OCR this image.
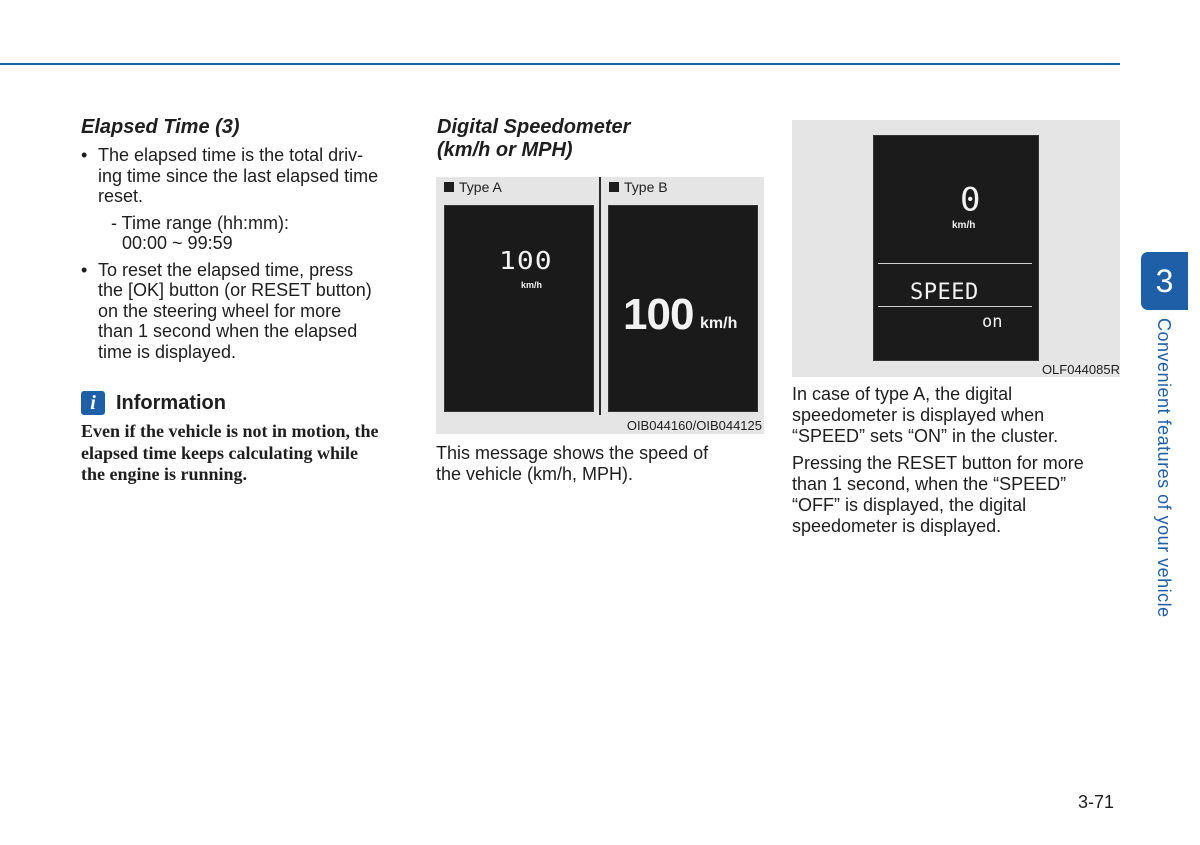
Elapsed Time (3)
• The elapsed time is the total driv-
ing time since the last elapsed time
reset.
- Time range (hh:mm):
00:00 ~ 99:59
• To reset the elapsed time, press
the [OK] button (or RESET button)
on the steering wheel for more
than 1 second when the elapsed
time is displayed.
i	Information
Even if the vehicle is not in motion, the
elapsed time keeps calculating while
the engine is running.
Digital Speedometer
(km/h or MPH)
Type A	Type B
100
km/h
100 km/h
OIB044160/OIB044125
This message shows the speed of
the vehicle (km/h, MPH).
0
km/h
SPEED
on
OLF044085R

In case of type A, the digital
speedometer is displayed when
“SPEED” sets “ON” in the cluster.

Pressing the RESET button for more
than 1 second, when the “SPEED”
“OFF” is displayed, the digital
speedometer is displayed.

3
Convenient features of your vehicle
3-71
